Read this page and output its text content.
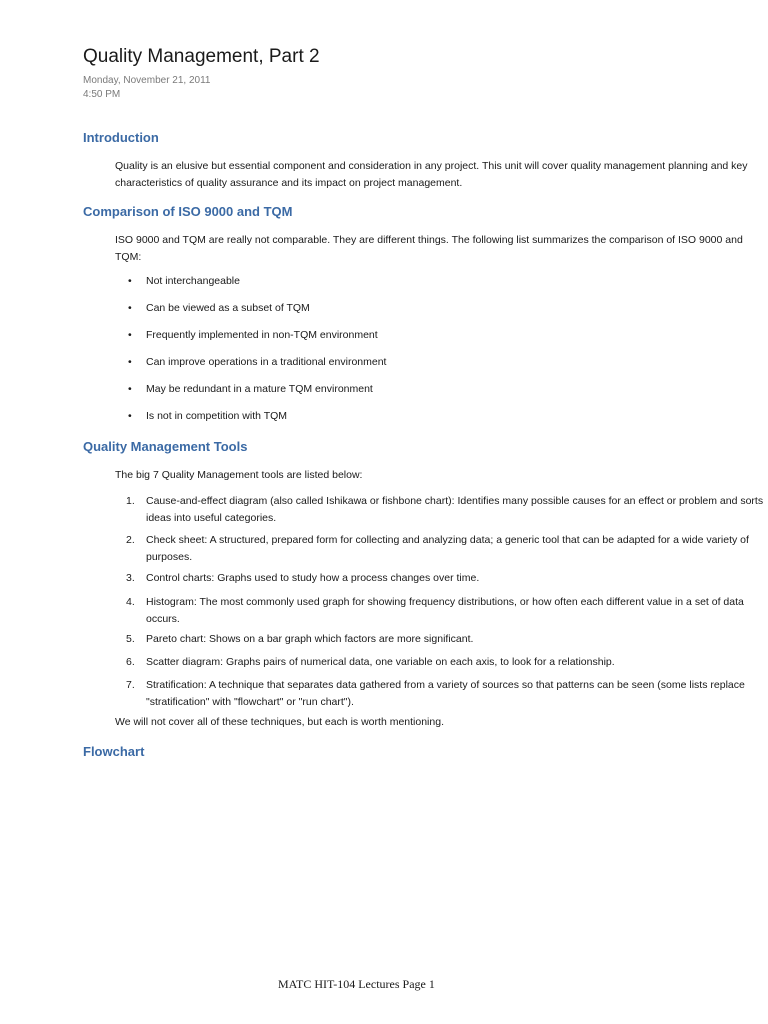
Quality Management, Part 2
Monday, November 21, 2011
4:50 PM
Introduction
Quality is an elusive but essential component and consideration in any project. This unit will cover quality management planning and key characteristics of quality assurance and its impact on project management.
Comparison of ISO 9000 and TQM
ISO 9000 and TQM are really not comparable. They are different things. The following list summarizes the comparison of ISO 9000 and TQM:
• Not interchangeable
• Can be viewed as a subset of TQM
• Frequently implemented in non-TQM environment
• Can improve operations in a traditional environment
• May be redundant in a mature TQM environment
• Is not in competition with TQM
Quality Management Tools
The big 7 Quality Management tools are listed below:
1.	Cause-and-effect diagram (also called Ishikawa or fishbone chart): Identifies many possible causes for an effect or problem and sorts ideas into useful categories.
2.	Check sheet: A structured, prepared form for collecting and analyzing data; a generic tool that can be adapted for a wide variety of purposes.
3.	Control charts: Graphs used to study how a process changes over time.
4.	Histogram: The most commonly used graph for showing frequency distributions, or how often each different value in a set of data occurs.
5.	Pareto chart: Shows on a bar graph which factors are more significant.
6.	Scatter diagram: Graphs pairs of numerical data, one variable on each axis, to look for a relationship.
7.	Stratification: A technique that separates data gathered from a variety of sources so that patterns can be seen (some lists replace "stratification" with "flowchart" or "run chart").
We will not cover all of these techniques, but each is worth mentioning.
Flowchart
MATC HIT-104 Lectures Page 1
